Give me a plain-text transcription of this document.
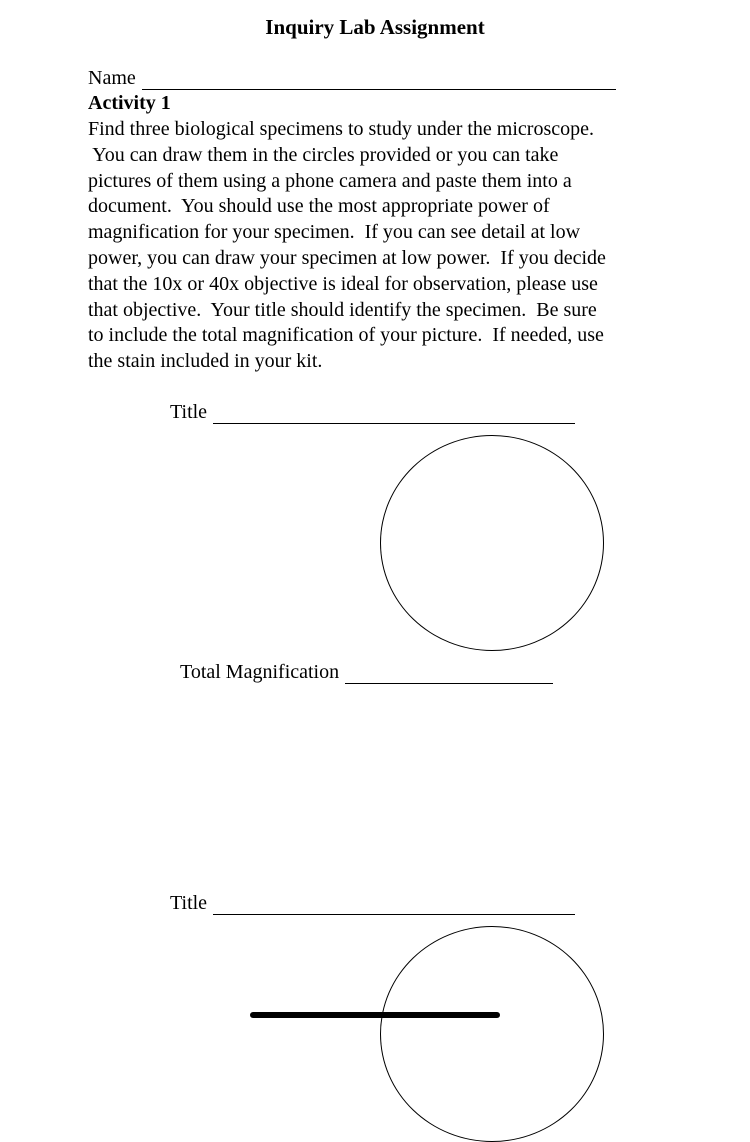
Inquiry Lab Assignment
Name
Activity 1
Find three biological specimens to study under the microscope.
You can draw them in the circles provided or you can take
pictures of them using a phone camera and paste them into a
document.  You should use the most appropriate power of
magnification for your specimen.  If you can see detail at low
power, you can draw your specimen at low power.  If you decide
that the 10x or 40x objective is ideal for observation, please use
that objective.  Your title should identify the specimen.  Be sure
to include the total magnification of your picture.  If needed, use
the stain included in your kit.
Title
Total Magnification
Title
